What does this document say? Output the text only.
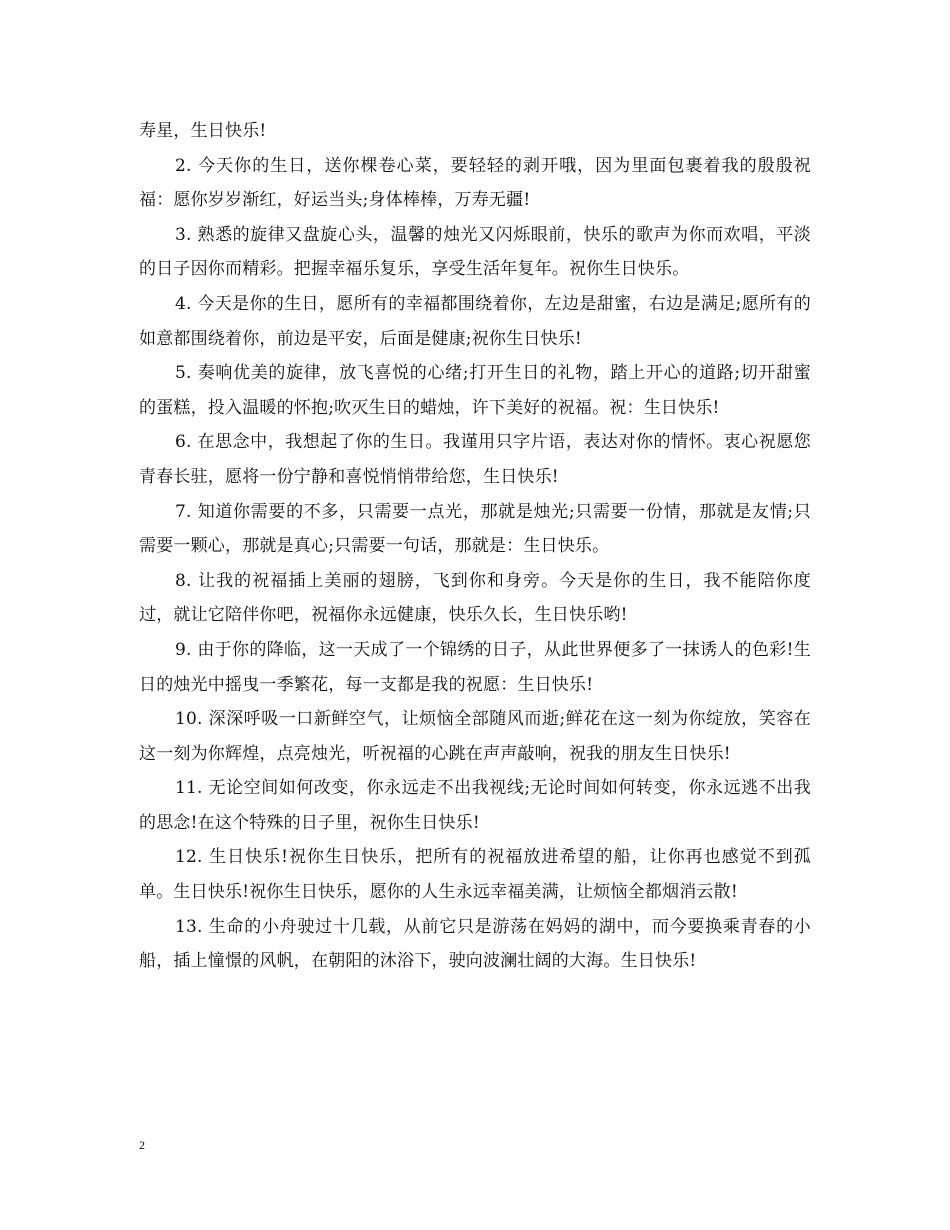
寿星，生日快乐!

2. 今天你的生日，送你棵卷心菜，要轻轻的剥开哦，因为里面包裹着我的殷殷祝福：愿你岁岁渐红，好运当头;身体棒棒，万寿无疆!

3. 熟悉的旋律又盘旋心头，温馨的烛光又闪烁眼前，快乐的歌声为你而欢唱，平淡的日子因你而精彩。把握幸福乐复乐，享受生活年复年。祝你生日快乐。

4. 今天是你的生日，愿所有的幸福都围绕着你，左边是甜蜜，右边是满足;愿所有的如意都围绕着你，前边是平安，后面是健康;祝你生日快乐!

5. 奏响优美的旋律，放飞喜悦的心绪;打开生日的礼物，踏上开心的道路;切开甜蜜的蛋糕，投入温暖的怀抱;吹灭生日的蜡烛，许下美好的祝福。祝：生日快乐!

6. 在思念中，我想起了你的生日。我谨用只字片语，表达对你的情怀。衷心祝愿您青春长驻，愿将一份宁静和喜悦悄悄带给您，生日快乐!

7. 知道你需要的不多，只需要一点光，那就是烛光;只需要一份情，那就是友情;只需要一颗心，那就是真心;只需要一句话，那就是：生日快乐。

8. 让我的祝福插上美丽的翅膀，飞到你和身旁。今天是你的生日，我不能陪你度过，就让它陪伴你吧，祝福你永远健康，快乐久长，生日快乐哟!

9. 由于你的降临，这一天成了一个锦绣的日子，从此世界便多了一抹诱人的色彩!生日的烛光中摇曳一季繁花，每一支都是我的祝愿：生日快乐!

10. 深深呼吸一口新鲜空气，让烦恼全部随风而逝;鲜花在这一刻为你绽放，笑容在这一刻为你辉煌，点亮烛光，听祝福的心跳在声声敲响，祝我的朋友生日快乐!

11. 无论空间如何改变，你永远走不出我视线;无论时间如何转变，你永远逃不出我的思念!在这个特殊的日子里，祝你生日快乐!

12. 生日快乐!祝你生日快乐，把所有的祝福放进希望的船，让你再也感觉不到孤单。生日快乐!祝你生日快乐，愿你的人生永远幸福美满，让烦恼全都烟消云散!

13. 生命的小舟驶过十几载，从前它只是游荡在妈妈的湖中，而今要换乘青春的小船，插上憧憬的风帆，在朝阳的沐浴下，驶向波澜壮阔的大海。生日快乐!

2
